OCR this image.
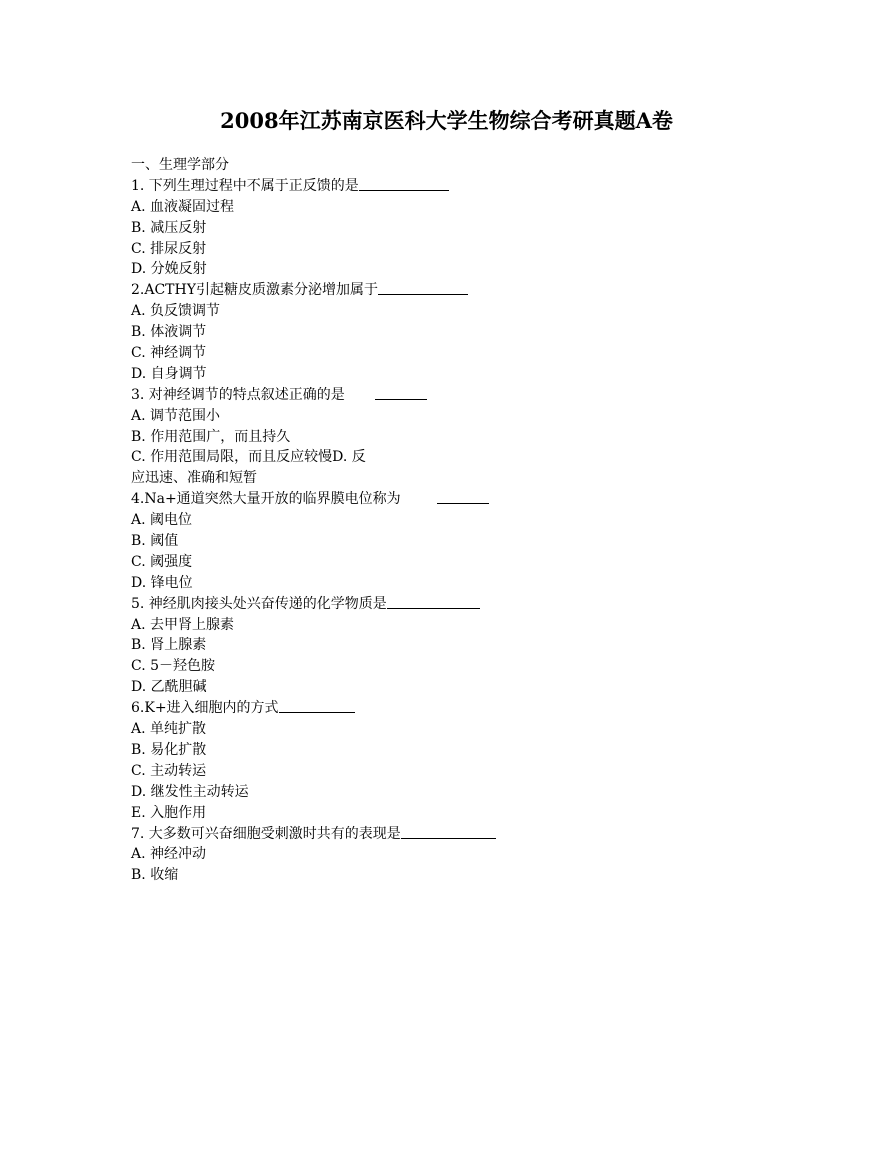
2008年江苏南京医科大学生物综合考研真题A卷
一、生理学部分
1. 下列生理过程中不属于正反馈的是
A. 血液凝固过程
B. 减压反射
C. 排尿反射
D. 分娩反射
2.ACTHY引起糖皮质激素分泌增加属于
A. 负反馈调节
B. 体液调节
C. 神经调节
D. 自身调节
3. 对神经调节的特点叙述正确的是
A. 调节范围小
B. 作用范围广，而且持久
C. 作用范围局限，而且反应较慢D. 反
应迅速、准确和短暂
4.Na+通道突然大量开放的临界膜电位称为
A. 阈电位
B. 阈值
C. 阈强度
D. 锋电位
5. 神经肌肉接头处兴奋传递的化学物质是
A. 去甲肾上腺素
B. 肾上腺素
C. 5－羟色胺
D. 乙酰胆碱
6.K+进入细胞内的方式
A. 单纯扩散
B. 易化扩散
C. 主动转运
D. 继发性主动转运
E. 入胞作用
7. 大多数可兴奋细胞受刺激时共有的表现是
A. 神经冲动
B. 收缩
